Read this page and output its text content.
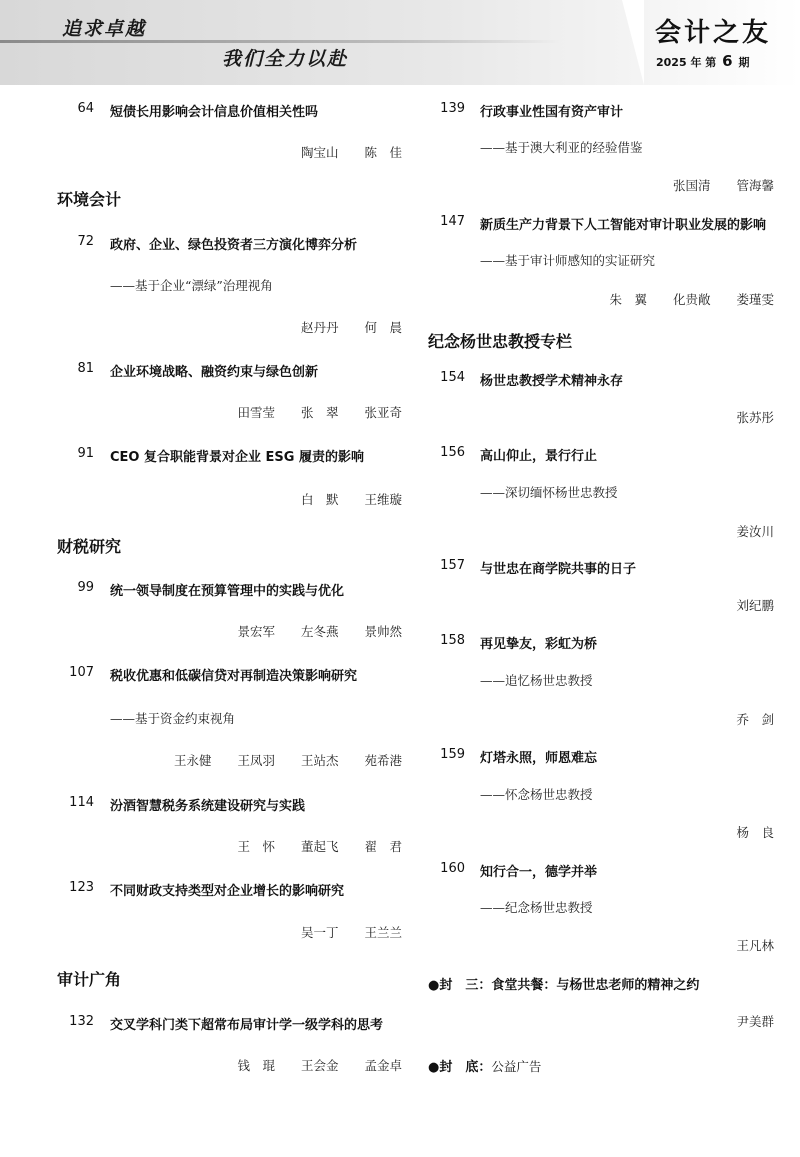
追求卓越
我们全力以赴
会计之友
2025 年 第 6 期
64 短债长用影响会计信息价值相关性吗
陶宝山 陈　佳
环境会计
72 政府、企业、绿色投资者三方演化博弈分析
——基于企业“漂绿”治理视角
赵丹丹 何　晨
81 企业环境战略、融资约束与绿色创新
田雪莹 张　翠 张亚奇
91 CEO 复合职能背景对企业 ESG 履责的影响
白　默 王维璇
财税研究
99 统一领导制度在预算管理中的实践与优化
景宏军 左冬燕 景帅然
107 税收优惠和低碳信贷对再制造决策影响研究
——基于资金约束视角
王永健 王凤羽 王站杰 苑希港
114 汾酒智慧税务系统建设研究与实践
王　怀 董起飞 翟　君
123 不同财政支持类型对企业增长的影响研究
吴一丁 王兰兰
审计广角
132 交叉学科门类下超常布局审计学一级学科的思考
钱　琨 王会金 孟金卓
139 行政事业性国有资产审计
——基于澳大利亚的经验借鉴
张国清 管海馨
147 新质生产力背景下人工智能对审计职业发展的影响
——基于审计师感知的实证研究
朱　翼 化贵敞 娄瑾雯
纪念杨世忠教授专栏
154 杨世忠教授学术精神永存
张苏彤
156 高山仰止，景行行止
——深切缅怀杨世忠教授
姜汝川
157 与世忠在商学院共事的日子
刘纪鹏
158 再见挚友，彩虹为桥
——追忆杨世忠教授
乔　剑
159 灯塔永照，师恩难忘
——怀念杨世忠教授
杨　良
160 知行合一，德学并举
——纪念杨世忠教授
王凡林
●封 三：食堂共餐：与杨世忠老师的精神之约
尹美群
●封 底：公益广告
